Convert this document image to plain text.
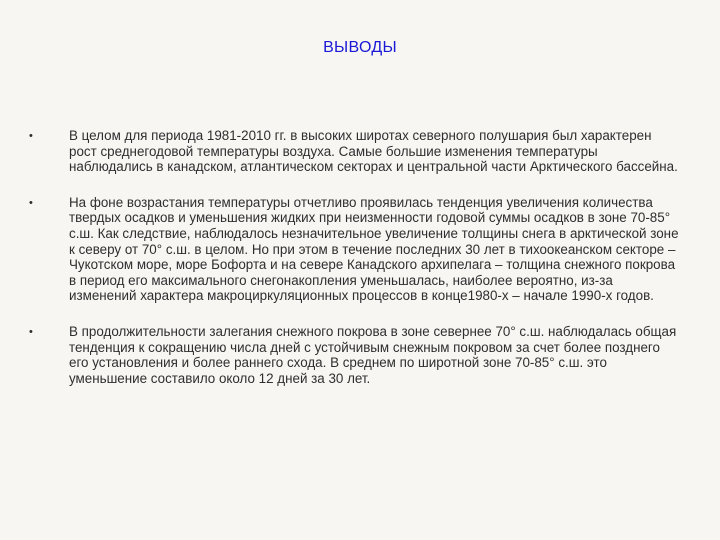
ВЫВОДЫ
•	В целом для периода 1981-2010 гг. в высоких широтах северного полушария был характерен рост среднегодовой температуры воздуха. Самые большие изменения температуры наблюдались в канадском, атлантическом секторах и центральной части Арктического бассейна.
•	На фоне возрастания температуры отчетливо проявилась тенденция увеличения количества твердых осадков и уменьшения жидких при неизменности годовой суммы осадков в зоне 70-85° с.ш. Как следствие, наблюдалось незначительное увеличение толщины снега в арктической зоне к северу от 70° с.ш. в целом. Но при этом в течение последних 30 лет в тихоокеанском секторе – Чукотском море, море Бофорта и на севере Канадского архипелага – толщина снежного покрова в период его максимального снегонакопления уменьшалась, наиболее вероятно, из-за изменений характера макроциркуляционных процессов в конце1980-х – начале 1990-х годов.
•	В продолжительности залегания снежного покрова в зоне севернее 70° с.ш. наблюдалась общая тенденция к сокращению числа дней с устойчивым снежным покровом за счет более позднего его установления и более раннего схода. В среднем по широтной зоне 70-85° с.ш. это уменьшение составило около 12 дней за 30 лет.
